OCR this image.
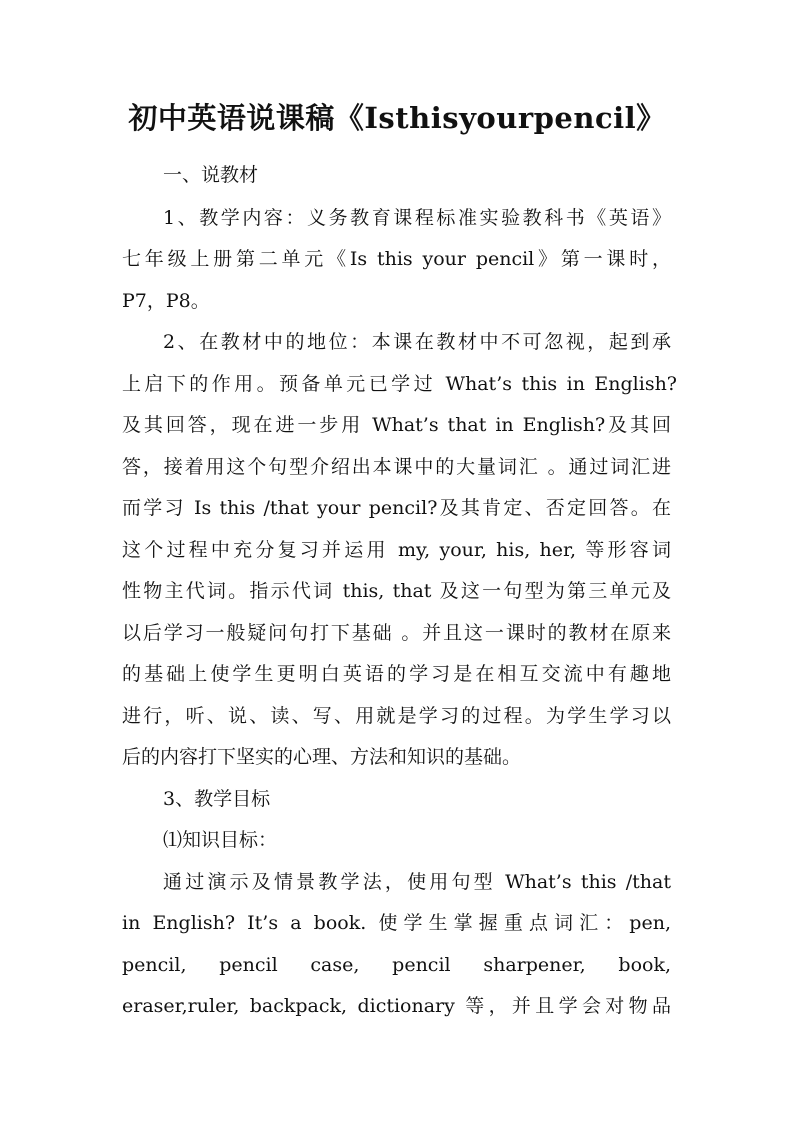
初中英语说课稿《Isthisyourpencil》
一、说教材
1、教学内容：义务教育课程标准实验教科书《英语》
七年级上册第二单元《Is this your pencil》第一课时，
P7，P8。
2、在教材中的地位：本课在教材中不可忽视，起到承
上启下的作用。预备单元已学过 What’s this in English?
及其回答，现在进一步用 What’s that in English?及其回
答，接着用这个句型介绍出本课中的大量词汇 。通过词汇进
而学习 Is this /that your pencil?及其肯定、否定回答。在
这个过程中充分复习并运用 my, your, his, her, 等形容词
性物主代词。指示代词 this, that 及这一句型为第三单元及
以后学习一般疑问句打下基础 。并且这一课时的教材在原来
的基础上使学生更明白英语的学习是在相互交流中有趣地
进行，听、说、读、写、用就是学习的过程。为学生学习以
后的内容打下坚实的心理、方法和知识的基础。
3、教学目标
⑴知识目标：
通过演示及情景教学法，使用句型 What’s this /that
in English? It’s a book. 使学生掌握重点词汇：pen,
pencil, pencil case, pencil sharpener, book,
eraser,ruler, backpack, dictionary 等，并且学会对物品
